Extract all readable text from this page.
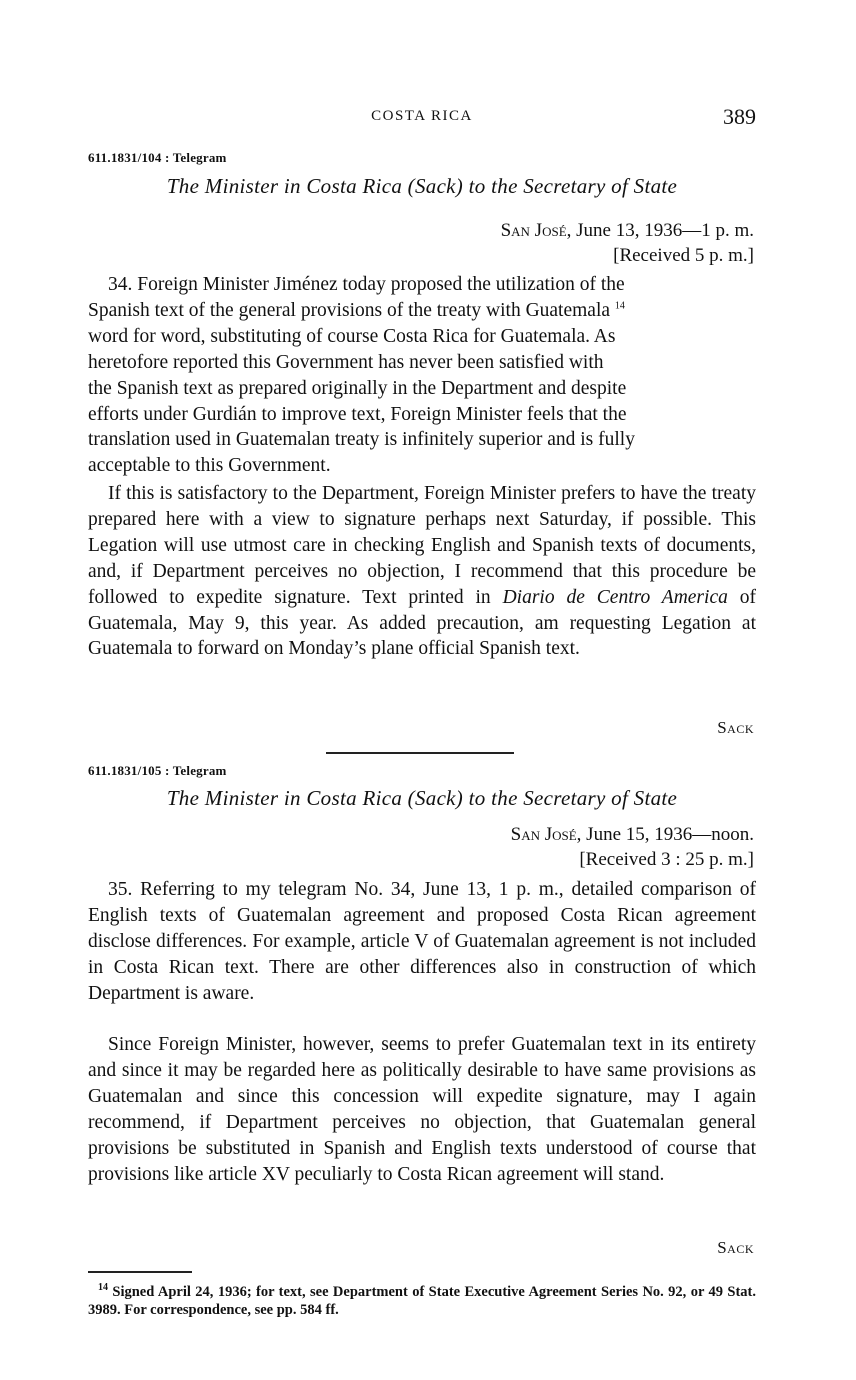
COSTA RICA	389
611.1831/104 : Telegram
The Minister in Costa Rica (Sack) to the Secretary of State
San José, June 13, 1936—1 p. m.
[Received 5 p. m.]
34. Foreign Minister Jiménez today proposed the utilization of the
Spanish text of the general provisions of the treaty with Guatemala $^{14}$
word for word, substituting of course Costa Rica for Guatemala. As
heretofore reported this Government has never been satisfied with
the Spanish text as prepared originally in the Department and despite
efforts under Gurdián to improve text, Foreign Minister feels that the
translation used in Guatemalan treaty is infinitely superior and is fully
acceptable to this Government.

If this is satisfactory to the Department, Foreign Minister prefers to have the treaty prepared here with a view to signature perhaps next Saturday, if possible. This Legation will use utmost care in checking English and Spanish texts of documents, and, if Department perceives no objection, I recommend that this procedure be followed to expedite signature. Text printed in Diario de Centro America of Guatemala, May 9, this year. As added precaution, am requesting Legation at Guatemala to forward on Monday’s plane official Spanish text.

Sack
611.1831/105 : Telegram
The Minister in Costa Rica (Sack) to the Secretary of State
San José, June 15, 1936—noon.
[Received 3 : 25 p. m.]

35. Referring to my telegram No. 34, June 13, 1 p. m., detailed comparison of English texts of Guatemalan agreement and proposed Costa Rican agreement disclose differences. For example, article V of Guatemalan agreement is not included in Costa Rican text. There are other differences also in construction of which Department is aware.

Since Foreign Minister, however, seems to prefer Guatemalan text in its entirety and since it may be regarded here as politically desirable to have same provisions as Guatemalan and since this concession will expedite signature, may I again recommend, if Department perceives no objection, that Guatemalan general provisions be substituted in Spanish and English texts understood of course that provisions like article XV peculiarly to Costa Rican agreement will stand.

Sack

$^{14}$ Signed April 24, 1936; for text, see Department of State Executive Agreement Series No. 92, or 49 Stat. 3989. For correspondence, see pp. 584 ff.
